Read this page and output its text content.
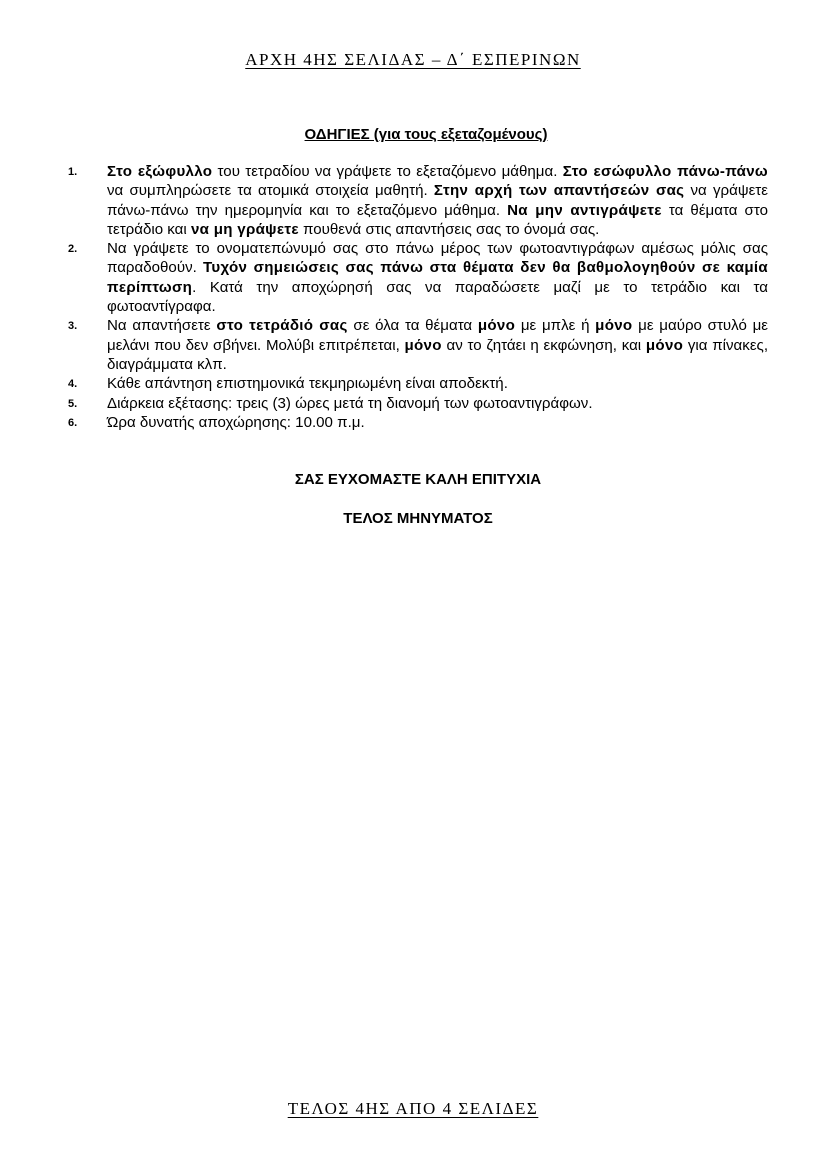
ΑΡΧΗ 4ΗΣ ΣΕΛΙΔΑΣ – Δ΄ ΕΣΠΕΡΙΝΩΝ
ΟΔΗΓΙΕΣ (για τους εξεταζομένους)
1. Στο εξώφυλλο του τετραδίου να γράψετε το εξεταζόμενο μάθημα. Στο εσώφυλλο πάνω-πάνω να συμπληρώσετε τα ατομικά στοιχεία μαθητή. Στην αρχή των απαντήσεών σας να γράψετε πάνω-πάνω την ημερομηνία και το εξεταζόμενο μάθημα. Να μην αντιγράψετε τα θέματα στο τετράδιο και να μη γράψετε πουθενά στις απαντήσεις σας το όνομά σας.
2. Να γράψετε το ονοματεπώνυμό σας στο πάνω μέρος των φωτοαντιγράφων αμέσως μόλις σας παραδοθούν. Τυχόν σημειώσεις σας πάνω στα θέματα δεν θα βαθμολογηθούν σε καμία περίπτωση. Κατά την αποχώρησή σας να παραδώσετε μαζί με το τετράδιο και τα φωτοαντίγραφα.
3. Να απαντήσετε στο τετράδιό σας σε όλα τα θέματα μόνο με μπλε ή μόνο με μαύρο στυλό με μελάνι που δεν σβήνει. Μολύβι επιτρέπεται, μόνο αν το ζητάει η εκφώνηση, και μόνο για πίνακες, διαγράμματα κλπ.
4. Κάθε απάντηση επιστημονικά τεκμηριωμένη είναι αποδεκτή.
5. Διάρκεια εξέτασης: τρεις (3) ώρες μετά τη διανομή των φωτοαντιγράφων.
6. Ώρα δυνατής αποχώρησης: 10.00 π.μ.
ΣΑΣ ΕΥΧΟΜΑΣΤΕ ΚΑΛΗ ΕΠΙΤΥΧΙΑ
ΤΕΛΟΣ ΜΗΝΥΜΑΤΟΣ
ΤΕΛΟΣ 4ΗΣ ΑΠΟ 4 ΣΕΛΙΔΕΣ
